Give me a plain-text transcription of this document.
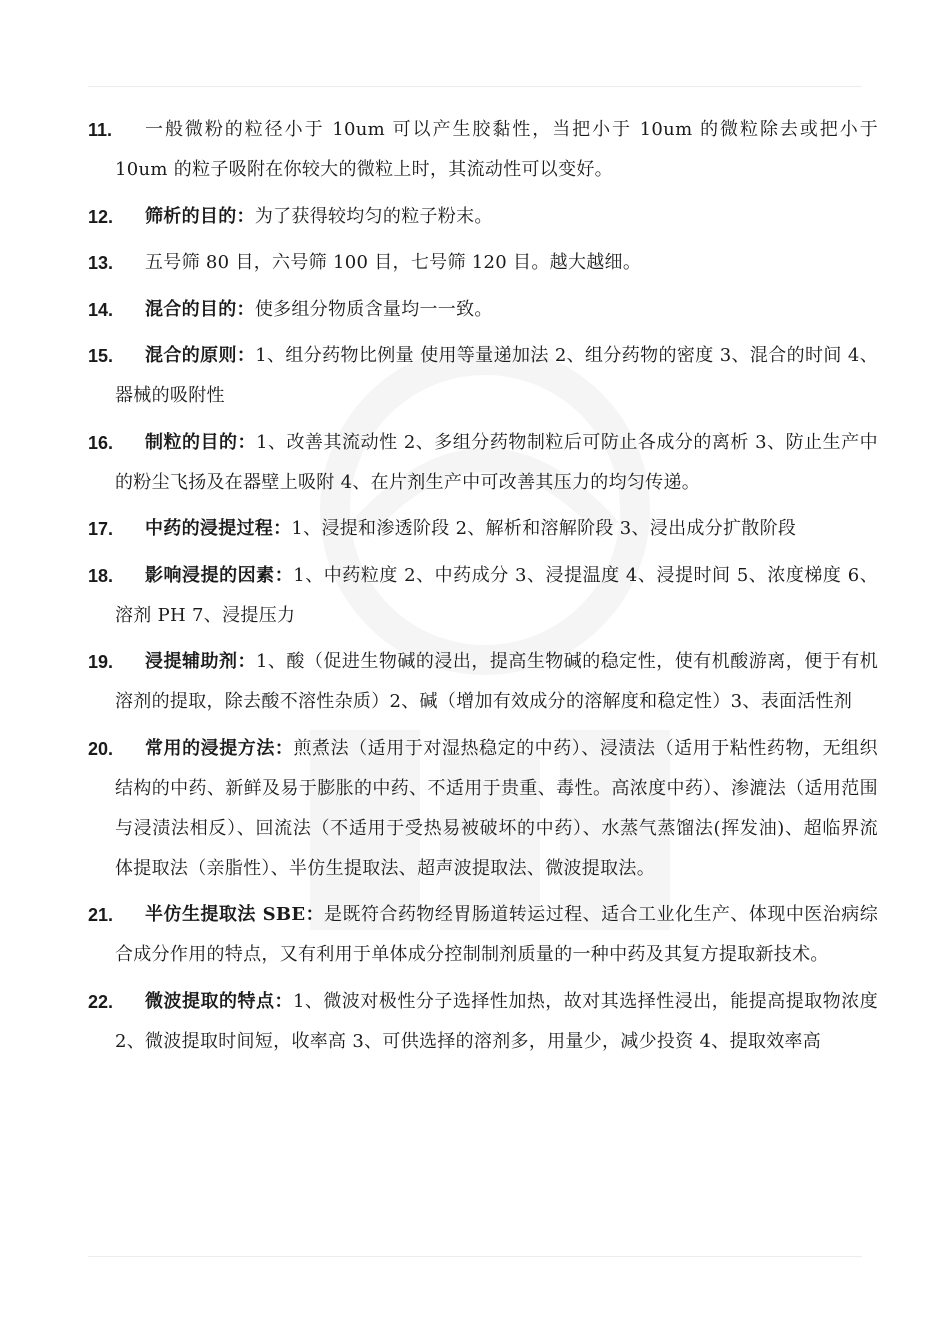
11.	一般微粉的粒径小于 10um 可以产生胶黏性，当把小于 10um 的微粒除去或把小于 10um 的粒子吸附在你较大的微粒上时，其流动性可以变好。
12.	筛析的目的：为了获得较均匀的粒子粉末。
13.	五号筛 80 目，六号筛 100 目，七号筛 120 目。越大越细。
14.	混合的目的：使多组分物质含量均一一致。
15.	混合的原则：1、组分药物比例量 使用等量递加法 2、组分药物的密度 3、混合的时间 4、器械的吸附性
16.	制粒的目的：1、改善其流动性 2、多组分药物制粒后可防止各成分的离析 3、防止生产中的粉尘飞扬及在器壁上吸附 4、在片剂生产中可改善其压力的均匀传递。
17.	中药的浸提过程：1、浸提和渗透阶段 2、解析和溶解阶段 3、浸出成分扩散阶段
18.	影响浸提的因素：1、中药粒度 2、中药成分 3、浸提温度 4、浸提时间 5、浓度梯度 6、溶剂 PH 7、浸提压力
19.	浸提辅助剂：1、酸（促进生物碱的浸出，提高生物碱的稳定性，使有机酸游离，便于有机溶剂的提取，除去酸不溶性杂质）2、碱（增加有效成分的溶解度和稳定性）3、表面活性剂
20.	常用的浸提方法：煎煮法（适用于对湿热稳定的中药）、浸渍法（适用于粘性药物，无组织结构的中药、新鲜及易于膨胀的中药、不适用于贵重、毒性。高浓度中药）、渗漉法（适用范围与浸渍法相反）、回流法（不适用于受热易被破坏的中药）、水蒸气蒸馏法(挥发油)、超临界流体提取法（亲脂性）、半仿生提取法、超声波提取法、微波提取法。
21.	半仿生提取法 SBE：是既符合药物经胃肠道转运过程、适合工业化生产、体现中医治病综合成分作用的特点，又有利用于单体成分控制制剂质量的一种中药及其复方提取新技术。
22.	微波提取的特点：1、微波对极性分子选择性加热，故对其选择性浸出，能提高提取物浓度 2、微波提取时间短，收率高 3、可供选择的溶剂多，用量少，减少投资 4、提取效率高
